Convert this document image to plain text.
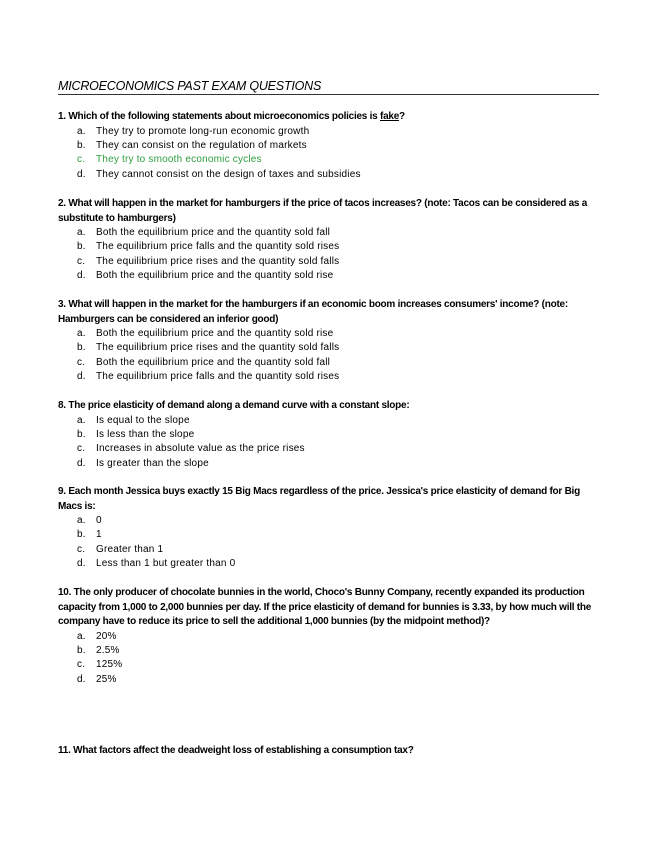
MICROECONOMICS PAST EXAM QUESTIONS

1. Which of the following statements about microeconomics policies is fake?

a. They try to promote long-run economic growth
b. They can consist on the regulation of markets
c. They try to smooth economic cycles
d. They cannot consist on the design of taxes and subsidies

2. What will happen in the market for hamburgers if the price of tacos increases? (note: Tacos can be considered as a substitute to hamburgers)

a. Both the equilibrium price and the quantity sold fall
b. The equilibrium price falls and the quantity sold rises
c. The equilibrium price rises and the quantity sold falls
d. Both the equilibrium price and the quantity sold rise

3. What will happen in the market for the hamburgers if an economic boom increases consumers' income? (note: Hamburgers can be considered an inferior good)

a. Both the equilibrium price and the quantity sold rise
b. The equilibrium price rises and the quantity sold falls
c. Both the equilibrium price and the quantity sold fall
d. The equilibrium price falls and the quantity sold rises

8. The price elasticity of demand along a demand curve with a constant slope:

a. Is equal to the slope
b. Is less than the slope
c. Increases in absolute value as the price rises
d. Is greater than the slope

9. Each month Jessica buys exactly 15 Big Macs regardless of the price. Jessica's price elasticity of demand for Big Macs is:

a. 0
b. 1
c. Greater than 1
d. Less than 1 but greater than 0

10. The only producer of chocolate bunnies in the world, Choco's Bunny Company, recently expanded its production capacity from 1,000 to 2,000 bunnies per day. If the price elasticity of demand for bunnies is 3.33, by how much will the company have to reduce its price to sell the additional 1,000 bunnies (by the midpoint method)?

a. 20%
b. 2.5%
c. 125%
d. 25%

11. What factors affect the deadweight loss of establishing a consumption tax?
